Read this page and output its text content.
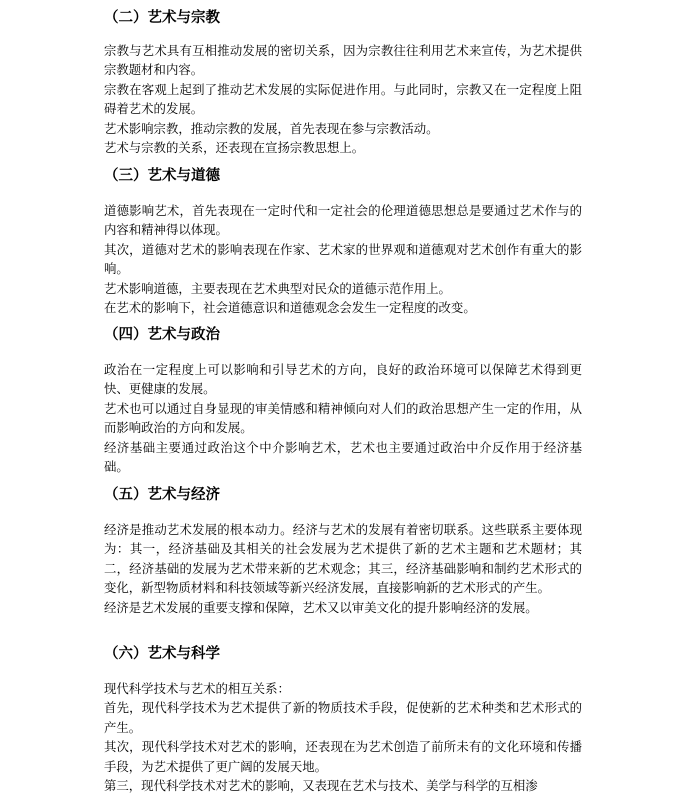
（二）艺术与宗教

宗教与艺术具有互相推动发展的密切关系，因为宗教往往利用艺术来宣传，为艺术提供宗教题材和内容。

宗教在客观上起到了推动艺术发展的实际促进作用。与此同时，宗教又在一定程度上阻碍着艺术的发展。

艺术影响宗教，推动宗教的发展，首先表现在参与宗教活动。

艺术与宗教的关系，还表现在宣扬宗教思想上。

（三）艺术与道德

道德影响艺术，首先表现在一定时代和一定社会的伦理道德思想总是要通过艺术作与的内容和精神得以体现。

其次，道德对艺术的影响表现在作家、艺术家的世界观和道德观对艺术创作有重大的影响。

艺术影响道德，主要表现在艺术典型对民众的道德示范作用上。

在艺术的影响下，社会道德意识和道德观念会发生一定程度的改变。

（四）艺术与政治

政治在一定程度上可以影响和引导艺术的方向，良好的政治环境可以保障艺术得到更快、更健康的发展。

艺术也可以通过自身显现的审美情感和精神倾向对人们的政治思想产生一定的作用，从而影响政治的方向和发展。

经济基础主要通过政治这个中介影响艺术，艺术也主要通过政治中介反作用于经济基础。

（五）艺术与经济

经济是推动艺术发展的根本动力。经济与艺术的发展有着密切联系。这些联系主要体现为：其一，经济基础及其相关的社会发展为艺术提供了新的艺术主题和艺术题材；其二，经济基础的发展为艺术带来新的艺术观念；其三，经济基础影响和制约艺术形式的变化，新型物质材料和科技领域等新兴经济发展，直接影响新的艺术形式的产生。

经济是艺术发展的重要支撑和保障，艺术又以审美文化的提升影响经济的发展。

（六）艺术与科学

现代科学技术与艺术的相互关系：

首先，现代科学技术为艺术提供了新的物质技术手段，促使新的艺术种类和艺术形式的产生。

其次，现代科学技术对艺术的影响，还表现在为艺术创造了前所未有的文化环境和传播手段，为艺术提供了更广阔的发展天地。

第三，现代科学技术对艺术的影响，又表现在艺术与技术、美学与科学的互相渗
